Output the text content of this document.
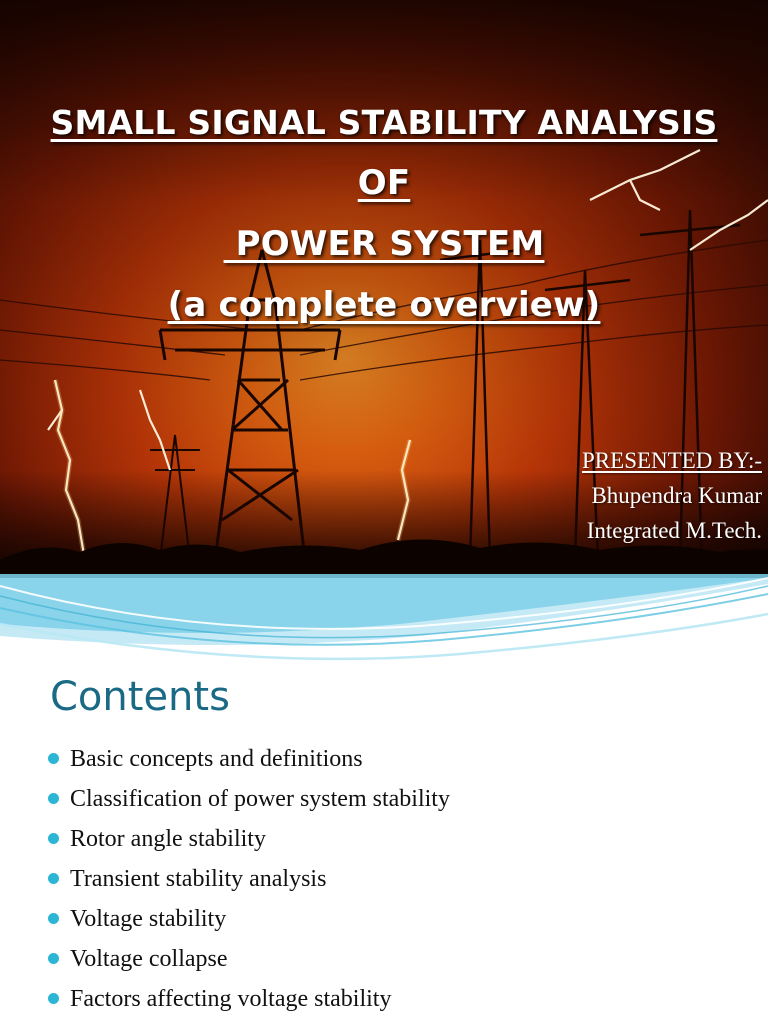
SMALL SIGNAL STABILITY ANALYSIS
OF
POWER SYSTEM
(a complete overview)
PRESENTED BY:-
Bhupendra Kumar
Integrated M.Tech.
Contents
Basic concepts and definitions
Classification of power system stability
Rotor angle stability
Transient stability analysis
Voltage stability
Voltage collapse
Factors affecting voltage stability
